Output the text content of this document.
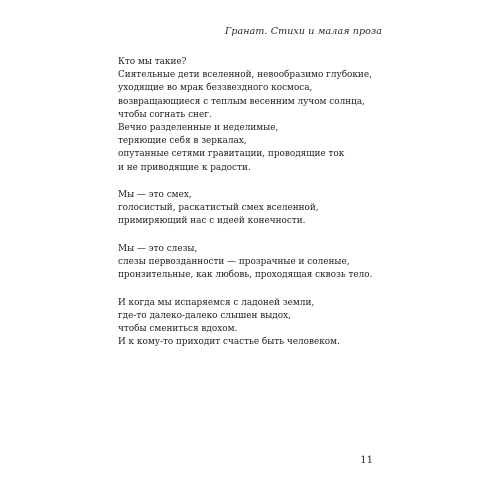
Гранат. Стихи и малая проза
Кто мы такие?
Сиятельные дети вселенной, невообразимо глубокие,
уходящие во мрак беззвездного космоса,
возвращающиеся с теплым весенним лучом солнца,
чтобы согнать снег.
Вечно разделенные и неделимые,
теряющие себя в зеркалах,
опутанные сетями гравитации, проводящие ток
и не приводящие к радости.
Мы — это смех,
голосистый, раскатистый смех вселенной,
примиряющий нас с идеей конечности.
Мы — это слезы,
слезы первозданности — прозрачные и соленые,
пронзительные, как любовь, проходящая сквозь тело.
И когда мы испаряемся с ладоней земли,
где-то далеко-далеко слышен выдох,
чтобы смениться вдохом.
И к кому-то приходит счастье быть человеком.
11
